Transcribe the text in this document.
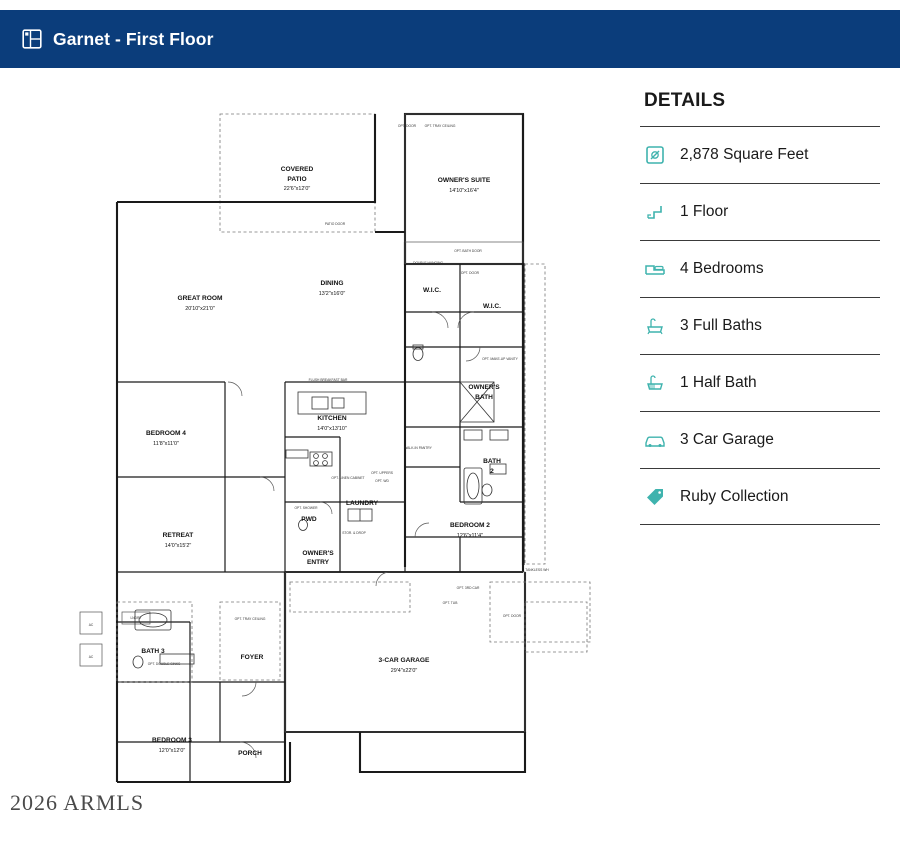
Garnet - First Floor
COVERED
PATIO
22'6"x12'0"
OWNER'S SUITE
14'10"x16'4"
GREAT ROOM
20'10"x21'0"
DINING
13'2"x16'0"	W.I.C.
W.I.C.
OWNER'S
BATH
KITCHEN
14'0"x13'10"
BEDROOM 4
11'8"x11'0"
BATH
2
LAUNDRY
PWD
RETREAT
14'0"x15'2"
BEDROOM 2
12'6"x11'4"
OWNER'S
ENTRY
BATH 3
FOYER	3-CAR GARAGE
29'4"x22'0"
BEDROOM 3
12'0"x12'0"	PORCH
OPT. TRAY CEILING
OPT. DOOR
PATIO DOOR
OPT. BATH DOOR
DOUBLE HANGING
OPT. DOOR
OPT. MAKE-UP VANITY
FLUSH BREAKFAST BAR
OPT. UPPERS
OPT. WD
OPT. LINEN CABINET
STOR. & DROP
WALK-IN PANTRY
OPT. SHOWER
OPT. TRAY CEILING
OPT. DOUBLE SINKS
OPT. 3RD CAR
OPT. TUB
OPT. DOOR
TANKLESS WH
AC
AC
LNDRY
DETAILS
2,878 Square Feet
1 Floor
4 Bedrooms
3 Full Baths
1 Half Bath
3 Car Garage
Ruby Collection
2026 ARMLS
